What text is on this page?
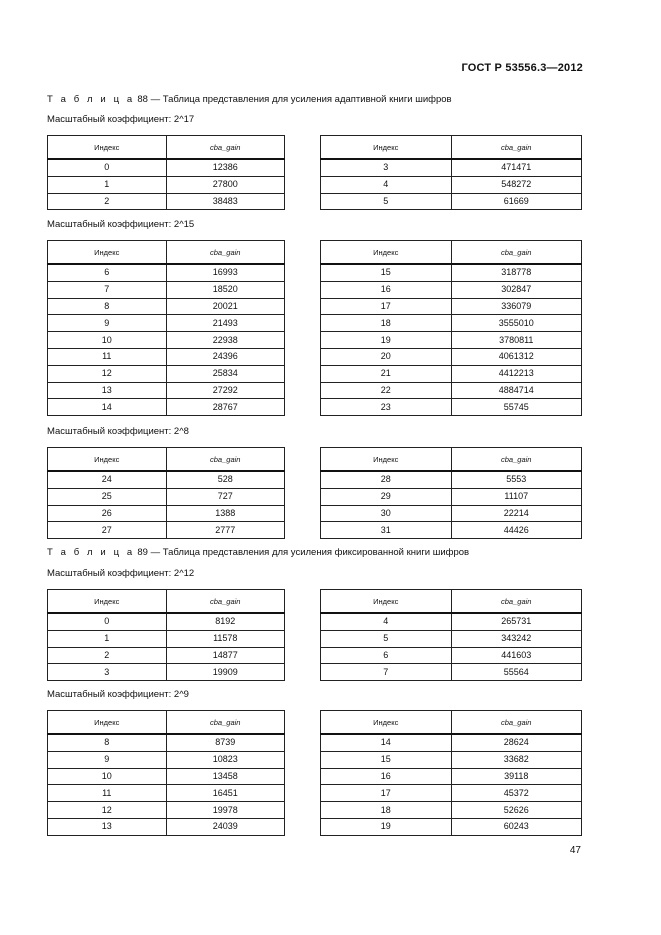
ГОСТ Р 53556.3—2012
Т а б л и ц а 88 — Таблица представления для усиления адаптивной книги шифров
Масштабный коэффициент: 2^17
Индекс	cba_gain
0	12386
1	27800
2	38483
Индекс	cba_gain
3	471471
4	548272
5	61669
Масштабный коэффициент: 2^15
Индекс	cba_gain
6	16993
7	18520
8	20021
9	21493
10	22938
11	24396
12	25834
13	27292
14	28767
Индекс	cba_gain
15	318778
16	302847
17	336079
18	3555010
19	3780811
20	4061312
21	4412213
22	4884714
23	55745
Масштабный коэффициент: 2^8
Индекс	cba_gain
24	528
25	727
26	1388
27	2777
Индекс	cba_gain
28	5553
29	11107
30	22214
31	44426
Т а б л и ц а 89 — Таблица представления для усиления фиксированной книги шифров
Масштабный коэффициент: 2^12
Индекс	cba_gain
0	8192
1	11578
2	14877
3	19909
Индекс	cba_gain
4	265731
5	343242
6	441603
7	55564
Масштабный коэффициент: 2^9
Индекс	cba_gain
8	8739
9	10823
10	13458
11	16451
12	19978
13	24039
Индекс	cba_gain
14	28624
15	33682
16	39118
17	45372
18	52626
19	60243
47
